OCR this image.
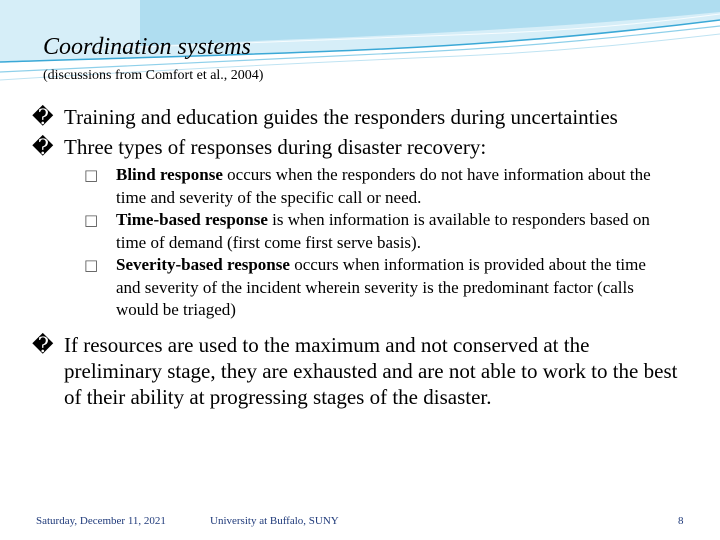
Coordination systems
(discussions from Comfort et al., 2004)
� Training and education guides the responders during uncertainties
� Three types of responses during disaster recovery:
□ Blind response occurs when the responders do not have information about the time and severity of the specific call or need.
□ Time-based response is when information is available to responders based on time of demand (first come first serve basis).
□ Severity-based response occurs when information is provided about the time and severity of the incident wherein severity is the predominant factor (calls would be triaged)
� If resources are used to the maximum and not conserved at the preliminary stage, they are exhausted and are not able to work to the best of their ability at progressing stages of the disaster.
Saturday, December 11, 2021	University at Buffalo, SUNY	8
